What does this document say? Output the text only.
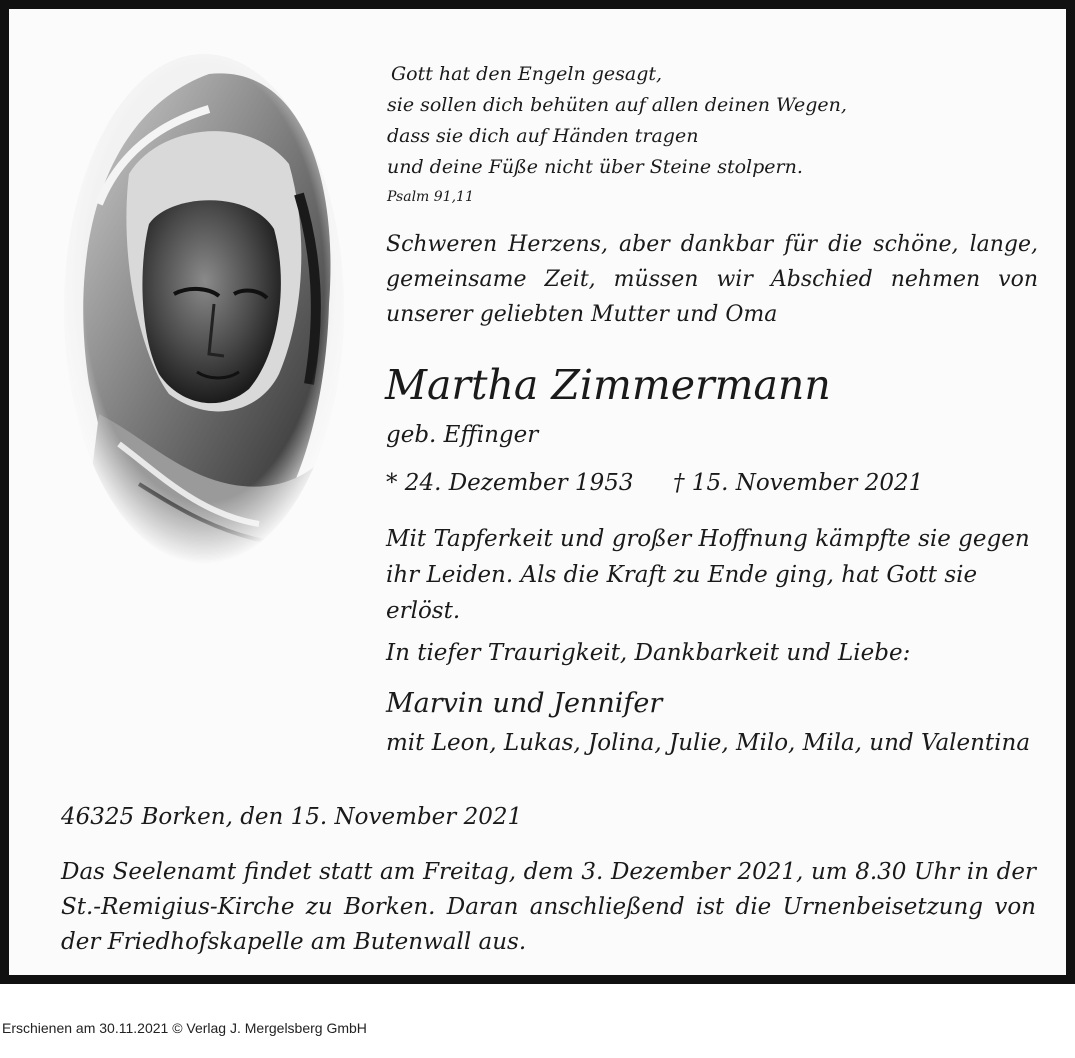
Gott hat den Engeln gesagt,
sie sollen dich behüten auf allen deinen Wegen,
dass sie dich auf Händen tragen
und deine Füße nicht über Steine stolpern.
Psalm 91,11
Schweren Herzens, aber dankbar für die schöne, lange, gemeinsame Zeit, müssen wir Abschied nehmen von unserer geliebten Mutter und Oma
Martha Zimmermann
geb. Effinger
* 24. Dezember 1953 † 15. November 2021
Mit Tapferkeit und großer Hoffnung kämpfte sie gegen ihr Leiden. Als die Kraft zu Ende ging, hat Gott sie erlöst.
In tiefer Traurigkeit, Dankbarkeit und Liebe:
Marvin und Jennifer
mit Leon, Lukas, Jolina, Julie, Milo, Mila, und Valentina
46325 Borken, den 15. November 2021
Das Seelenamt findet statt am Freitag, dem 3. Dezember 2021, um 8.30 Uhr in der St.-Remigius-Kirche zu Borken. Daran anschließend ist die Urnenbeisetzung von der Friedhofskapelle am Butenwall aus.
Erschienen am 30.11.2021 © Verlag J. Mergelsberg GmbH
